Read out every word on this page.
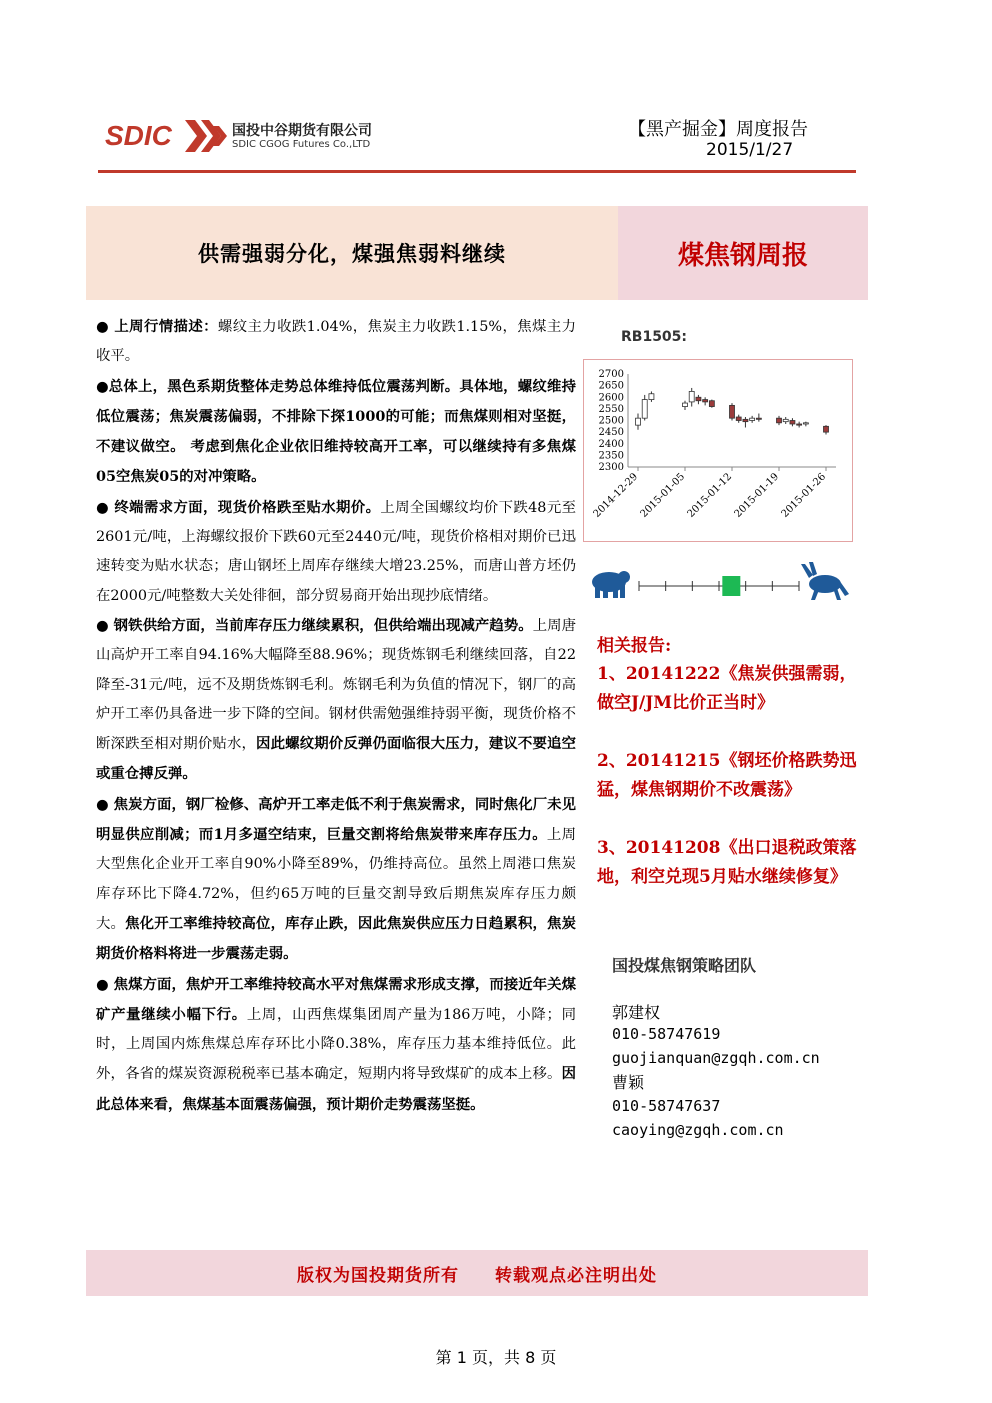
SDIC	国投中谷期货有限公司
SDIC CGOG Futures Co.,LTD
【黑产掘金】周度报告
2015/1/27
供需强弱分化，煤强焦弱料继续	煤焦钢周报

● 上周行情描述：螺纹主力收跌1.04%，焦炭主力收跌1.15%，焦煤主力收平。

●总体上，黑色系期货整体走势总体维持低位震荡判断。具体地，螺纹维持低位震荡；焦炭震荡偏弱，不排除下探1000的可能；而焦煤则相对坚挺，不建议做空。 考虑到焦化企业依旧维持较高开工率，可以继续持有多焦煤05空焦炭05的对冲策略。

● 终端需求方面，现货价格跌至贴水期价。上周全国螺纹均价下跌48元至2601元/吨，上海螺纹报价下跌60元至2440元/吨，现货价格相对期价已迅速转变为贴水状态；唐山钢坯上周库存继续大增23.25%，而唐山普方坯仍在2000元/吨整数大关处徘徊，部分贸易商开始出现抄底情绪。

● 钢铁供给方面，当前库存压力继续累积，但供给端出现减产趋势。上周唐山高炉开工率自94.16%大幅降至88.96%；现货炼钢毛利继续回落，自22降至-31元/吨，远不及期货炼钢毛利。炼钢毛利为负值的情况下，钢厂的高炉开工率仍具备进一步下降的空间。钢材供需勉强维持弱平衡，现货价格不断深跌至相对期价贴水，因此螺纹期价反弹仍面临很大压力，建议不要追空或重仓搏反弹。

● 焦炭方面，钢厂检修、高炉开工率走低不利于焦炭需求，同时焦化厂未见明显供应削减；而1月多逼空结束，巨量交割将给焦炭带来库存压力。上周大型焦化企业开工率自90%小降至89%，仍维持高位。虽然上周港口焦炭库存环比下降4.72%，但约65万吨的巨量交割导致后期焦炭库存压力颇大。焦化开工率维持较高位，库存止跌，因此焦炭供应压力日趋累积，焦炭期货价格料将进一步震荡走弱。

● 焦煤方面，焦炉开工率维持较高水平对焦煤需求形成支撑，而接近年关煤矿产量继续小幅下行。上周，山西焦煤集团周产量为186万吨，小降；同时，上周国内炼焦煤总库存环比小降0.38%，库存压力基本维持低位。此外，各省的煤炭资源税税率已基本确定，短期内将导致煤矿的成本上移。因此总体来看，焦煤基本面震荡偏强，预计期价走势震荡坚挺。

RB1505:
2300
2350
2400
2450
2500
2550
2600
2650
2700
2014-12-29
2015-01-05
2015-01-12
2015-01-19
2015-01-26
相关报告:
1、20141222《焦炭供强需弱，做空J/JM比价正当时》
2、20141215《钢坯价格跌势迅猛，煤焦钢期价不改震荡》
3、20141208《出口退税政策落地，利空兑现5月贴水继续修复》
国投煤焦钢策略团队
郭建权
010-58747619
guojianquan@zgqh.com.cn
曹颖
010-58747637
caoying@zgqh.com.cn
版权为国投期货所有　　转载观点必注明出处
第 1 页，共 8 页
